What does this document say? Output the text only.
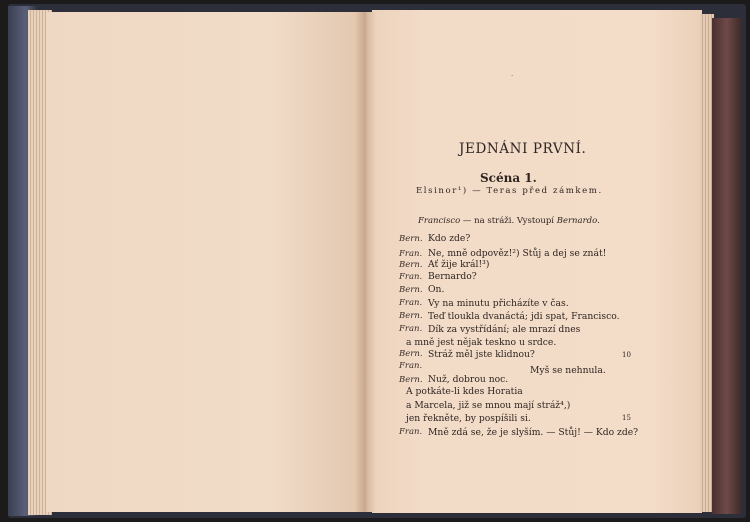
·
JEDNÁNI PRVNÍ.
Scéna 1.
Elsinor¹) — Teras před zámkem.
Francisco — na stráži. Vystoupí Bernardo.
Bern. Kdo zde?
Fran. Ne, mně odpověz!²) Stůj a dej se znát!
Bern. Ať žije král!³)
Fran. Bernardo?
Bern. On.
Fran. Vy na minutu přicházíte v čas.
Bern. Teď tloukla dvanáctá; jdi spat, Francisco.
Fran. Dík za vystřídání; ale mrazí dnes
a mně jest nějak teskno u srdce.
Bern. Stráž měl jste klidnou?	10
Fran.	Myš se nehnula.
Bern. Nuž, dobrou noc.
A potkáte-li kdes Horatia
a Marcela, již se mnou mají stráž⁴,)
jen řekněte, by pospíšili si.	15
Fran. Mně zdá se, že je slyším. — Stůj! — Kdo zde?
